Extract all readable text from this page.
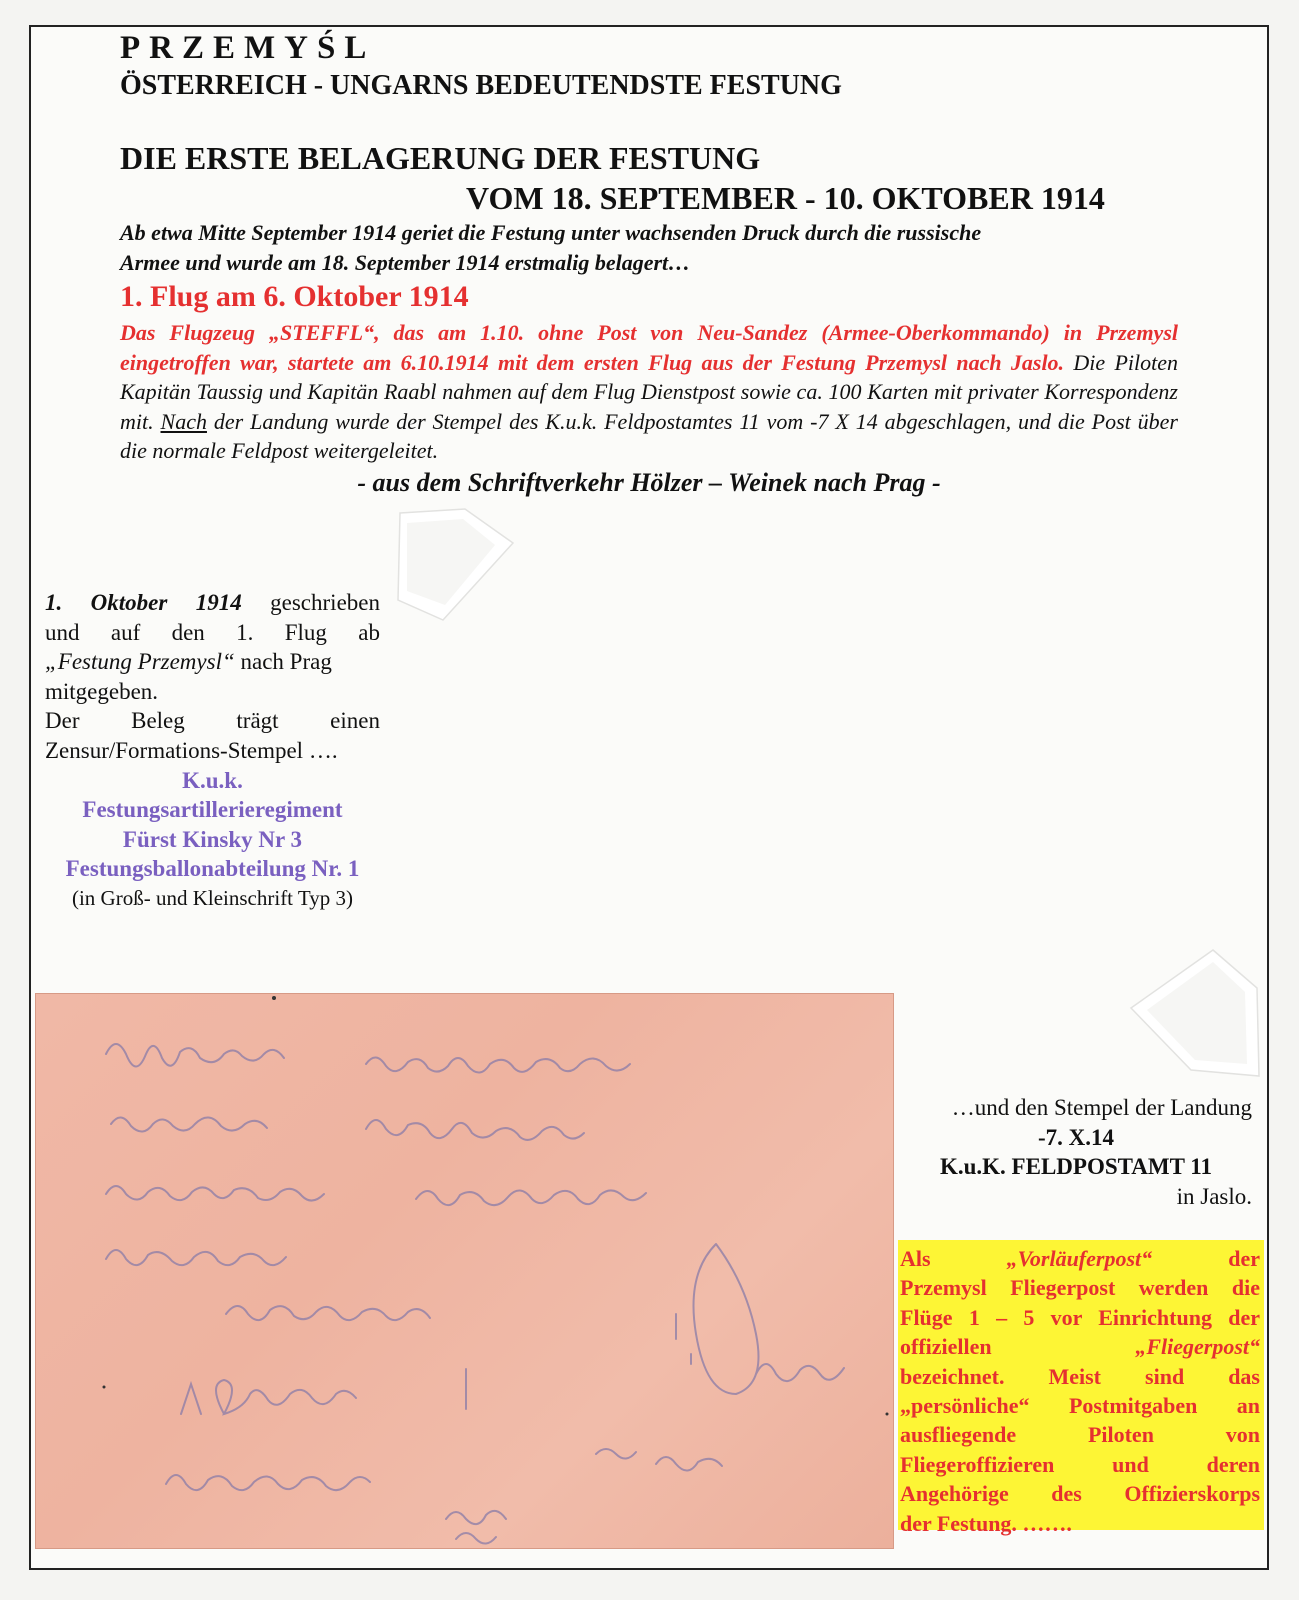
PRZEMYŚL
ÖSTERREICH - UNGARNS BEDEUTENDSTE FESTUNG
DIE ERSTE BELAGERUNG DER FESTUNG
VOM 18. SEPTEMBER - 10. OKTOBER 1914
Ab etwa Mitte September 1914 geriet die Festung unter wachsenden Druck durch die russische
Armee und wurde am 18. September 1914 erstmalig belagert…
1. Flug am 6. Oktober 1914
Das Flugzeug „STEFFL“, das am 1.10. ohne Post von Neu-Sandez (Armee-Oberkommando) in Przemysl eingetroffen war, startete am 6.10.1914 mit dem ersten Flug aus der Festung Przemysl nach Jaslo. Die Piloten Kapitän Taussig und Kapitän Raabl nahmen auf dem Flug Dienstpost sowie ca. 100 Karten mit privater Korrespondenz mit. Nach der Landung wurde der Stempel des K.u.k. Feldpostamtes 11 vom -7 X 14 abgeschlagen, und die Post über die normale Feldpost weitergeleitet.
- aus dem Schriftverkehr Hölzer – Weinek nach Prag -
1. Oktober 1914 geschrieben
und auf den 1. Flug ab
„Festung Przemysl“ nach Prag
mitgegeben.
Der Beleg trägt einen
Zensur/Formations-Stempel ….
K.u.k.
Festungsartillerieregiment
Fürst Kinsky Nr 3
Festungsballonabteilung Nr. 1
(in Groß- und Kleinschrift Typ 3)
…und den Stempel der Landung
-7. X.14
K.u.K. FELDPOSTAMT 11
in Jaslo.
Als	„Vorläuferpost“	der
Przemysl Fliegerpost werden die
Flüge 1 – 5 vor Einrichtung der
offiziellen	„Fliegerpost“
bezeichnet. Meist sind das
„persönliche“ Postmitgaben an
ausfliegende Piloten von
Fliegeroffizieren und deren
Angehörige des Offizierskorps
der Festung. …….
